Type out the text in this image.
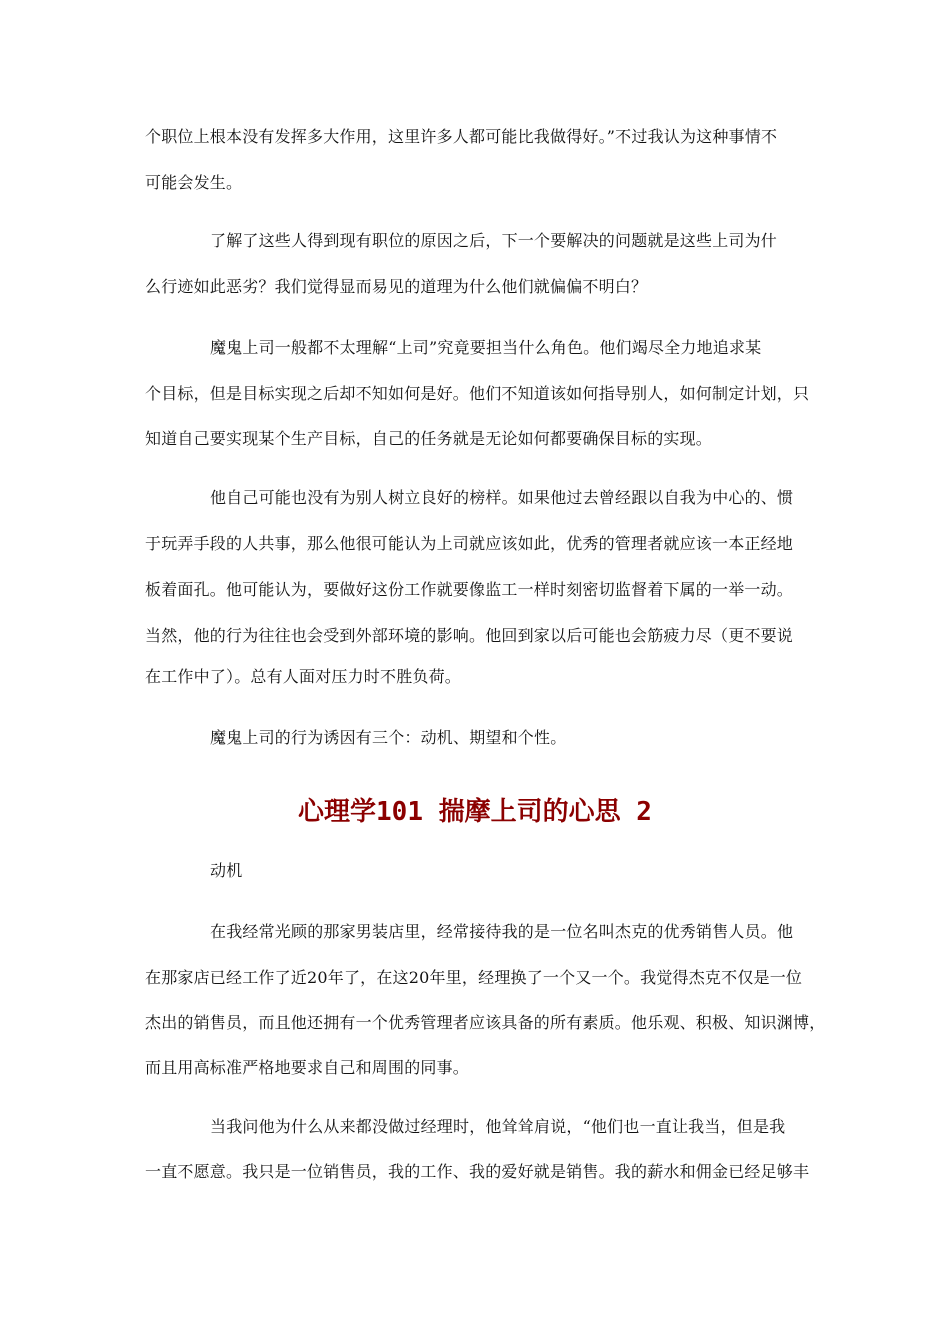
个职位上根本没有发挥多大作用，这里许多人都可能比我做得好。”不过我认为这种事情不
可能会发生。
了解了这些人得到现有职位的原因之后，下一个要解决的问题就是这些上司为什
么行迹如此恶劣？我们觉得显而易见的道理为什么他们就偏偏不明白？
魔鬼上司一般都不太理解“上司”究竟要担当什么角色。他们竭尽全力地追求某
个目标，但是目标实现之后却不知如何是好。他们不知道该如何指导别人，如何制定计划，只
知道自己要实现某个生产目标，自己的任务就是无论如何都要确保目标的实现。
他自己可能也没有为别人树立良好的榜样。如果他过去曾经跟以自我为中心的、惯
于玩弄手段的人共事，那么他很可能认为上司就应该如此，优秀的管理者就应该一本正经地
板着面孔。他可能认为，要做好这份工作就要像监工一样时刻密切监督着下属的一举一动。
当然，他的行为往往也会受到外部环境的影响。他回到家以后可能也会筋疲力尽（更不要说
在工作中了）。总有人面对压力时不胜负荷。
魔鬼上司的行为诱因有三个：动机、期望和个性。
心理学101 揣摩上司的心思 2
动机
在我经常光顾的那家男装店里，经常接待我的是一位名叫杰克的优秀销售人员。他
在那家店已经工作了近20年了，在这20年里，经理换了一个又一个。我觉得杰克不仅是一位
杰出的销售员，而且他还拥有一个优秀管理者应该具备的所有素质。他乐观、积极、知识渊博，
而且用高标准严格地要求自己和周围的同事。
当我问他为什么从来都没做过经理时，他耸耸肩说，“他们也一直让我当，但是我
一直不愿意。我只是一位销售员，我的工作、我的爱好就是销售。我的薪水和佣金已经足够丰
